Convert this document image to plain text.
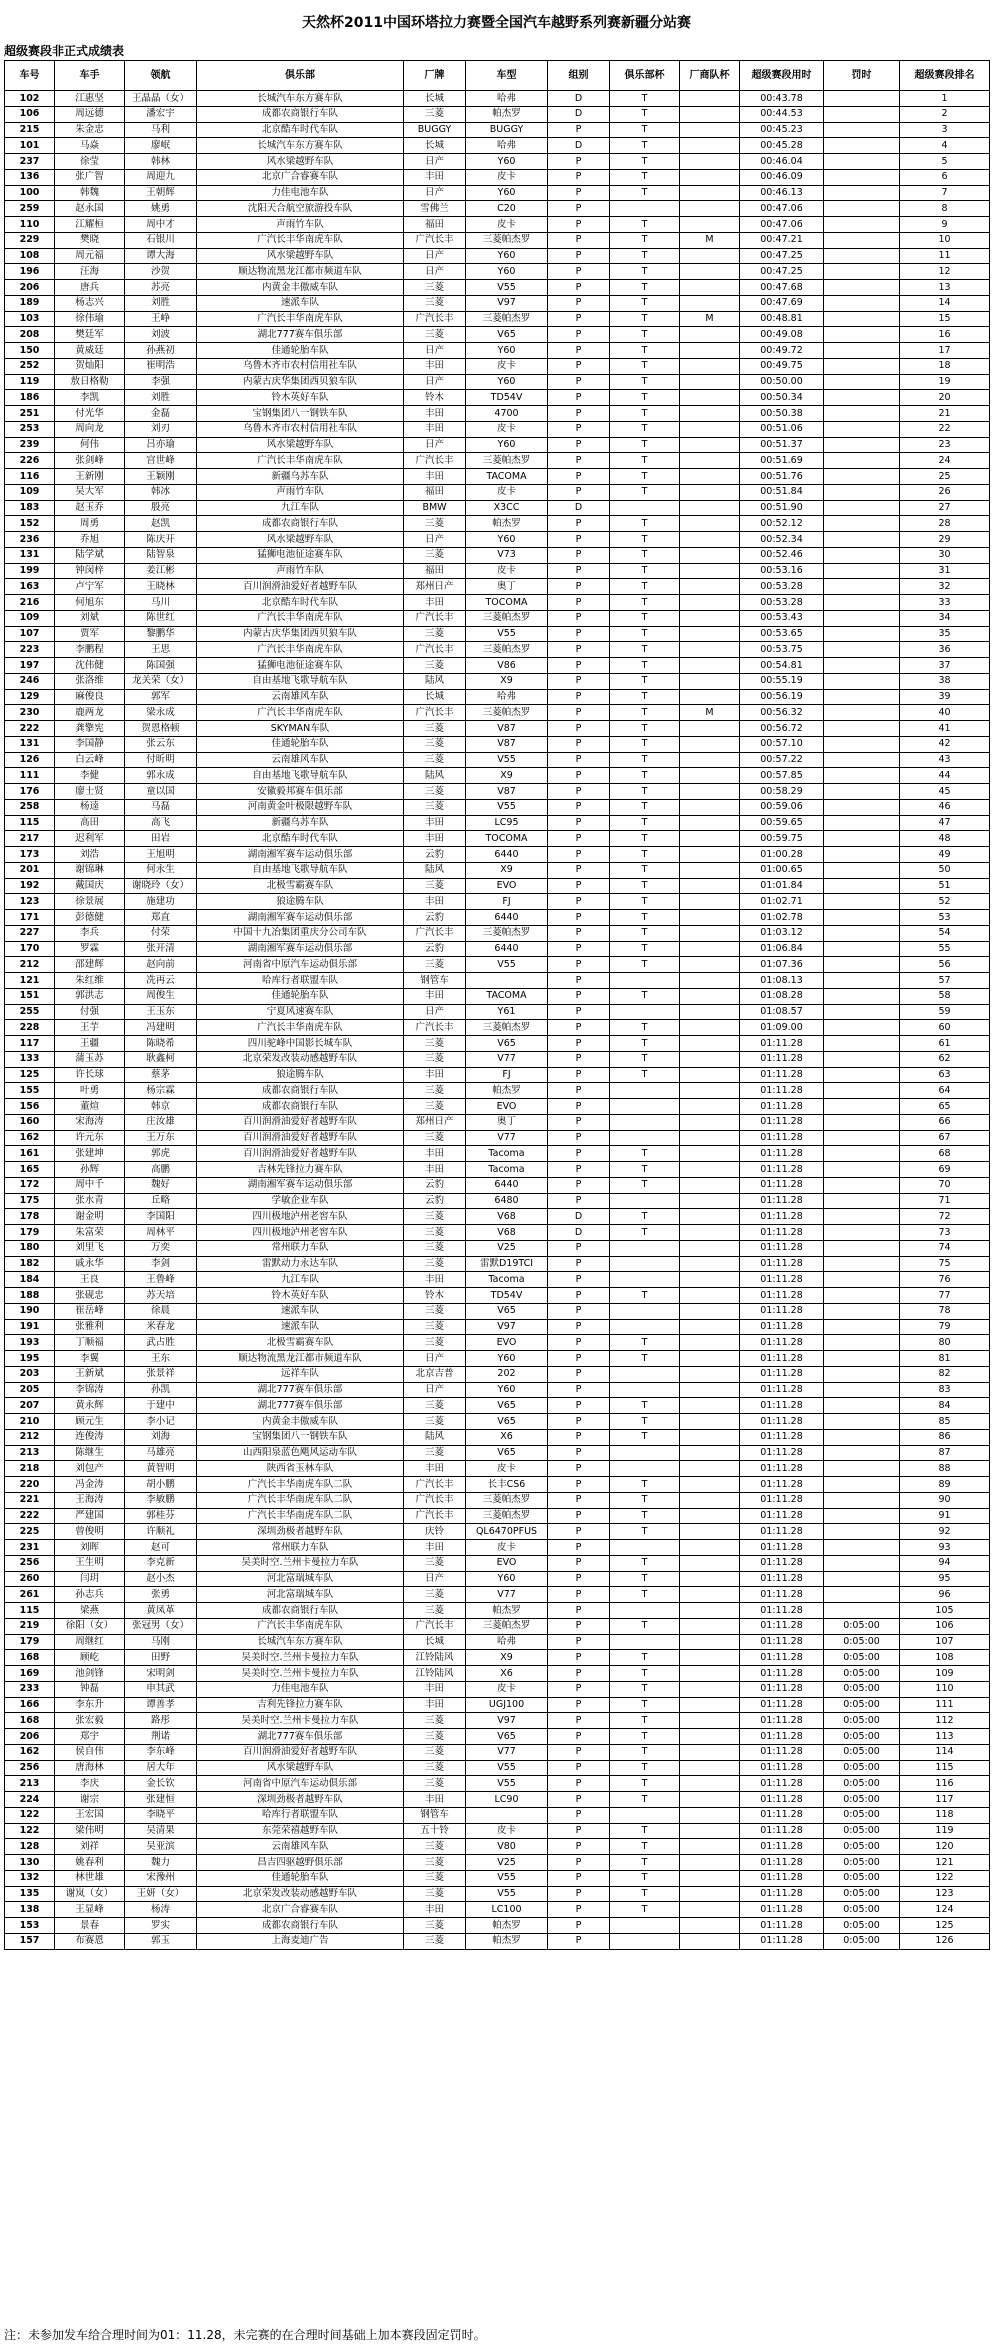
天然杯2011中国环塔拉力赛暨全国汽车越野系列赛新疆分站赛
超级赛段非正式成绩表
车号	车手	领航	俱乐部	厂牌	车型	组别	俱乐部杯	厂商队杯	超级赛段用时	罚时	超级赛段排名
102	江惠坚	王晶晶（女）	长城汽车东方赛车队	长城	哈弗	D	T		00:43.78		1
106	周远德	潘宏宇	成都农商银行车队	三菱	帕杰罗	D	T		00:44.53		2
215	朱金忠	马利	北京酷车时代车队	BUGGY	BUGGY	P	T		00:45.23		3
101	马焱	廖岷	长城汽车东方赛车队	长城	哈弗	D	T		00:45.28		4
237	徐莹	韩林	风水梁越野车队	日产	Y60	P	T		00:46.04		5
136	张广智	周迎九	北京广合睿赛车队	丰田	皮卡	P	T		00:46.09		6
100	韩魏	王朝辉	力佳电池车队	日产	Y60	P	T		00:46.13		7
259	赵永国	姚勇	沈阳天合航空旅游投车队	雪佛兰	C20	P			00:47.06		8
110	江耀桓	周中才	声雨竹车队	福田	皮卡	P	T		00:47.06		9
229	樊晓	石银川	广汽长丰华南虎车队	广汽长丰	三菱帕杰罗	P	T	M	00:47.21		10
108	周元福	谭大海	风水梁越野车队	日产	Y60	P	T		00:47.25		11
196	汪海	沙贺	顺达物流黑龙江都市频道车队	日产	Y60	P	T		00:47.25		12
206	唐兵	苏亮	内黄金丰傲威车队	三菱	V55	P	T		00:47.68		13
189	杨志兴	刘胜	速派车队	三菱	V97	P	T		00:47.69		14
103	徐伟瑜	王峥	广汽长丰华南虎车队	广汽长丰	三菱帕杰罗	P	T	M	00:48.81		15
208	樊廷军	刘波	湖北777赛车俱乐部	三菱	V65	P	T		00:49.08		16
150	黄威廷	孙燕初	佳通轮胎车队	日产	Y60	P	T		00:49.72		17
252	贺灿阳	崔明浩	乌鲁木齐市农村信用社车队	丰田	皮卡	P	T		00:49.75		18
119	敖日格勒	李强	内蒙古庆华集团西贝狼车队	日产	Y60	P	T		00:50.00		19
186	李凯	刘胜	铃木英好车队	铃木	TD54V	P	T		00:50.34		20
251	付光华	金磊	宝钢集团八一钢铁车队	丰田	4700	P	T		00:50.38		21
253	周向龙	刘刃	乌鲁木齐市农村信用社车队	丰田	皮卡	P	T		00:51.06		22
239	何伟	吕亦瑜	风水梁越野车队	日产	Y60	P	T		00:51.37		23
226	张剑峰	宫世峰	广汽长丰华南虎车队	广汽长丰	三菱帕杰罗	P	T		00:51.69		24
116	王新刚	王颖刚	新疆乌苏车队	丰田	TACOMA	P	T		00:51.76		25
109	吴大军	韩冰	声雨竹车队	福田	皮卡	P	T		00:51.84		26
183	赵玉乔	殷亮	九江车队	BMW	X3CC	D			00:51.90		27
152	周勇	赵凯	成都农商银行车队	三菱	帕杰罗	P	T		00:52.12		28
236	乔旭	陈庆开	风水梁越野车队	日产	Y60	P	T		00:52.34		29
131	陆学斌	陆智泉	猛狮电池征途赛车队	三菱	V73	P	T		00:52.46		30
199	钟闵梓	姜江彬	声雨竹车队	福田	皮卡	P	T		00:53.16		31
163	卢宁军	王晓林	百川润滑油爱好者越野车队	郑州日产	奥丁	P	T		00:53.28		32
216	何旭东	马川	北京酷车时代车队	丰田	TOCOMA	P	T		00:53.28		33
109	刘斌	陈世红	广汽长丰华南虎车队	广汽长丰	三菱帕杰罗	P	T		00:53.43		34
107	贾军	黎鹏华	内蒙古庆华集团西贝狼车队	三菱	V55	P	T		00:53.65		35
223	李鹏程	王思	广汽长丰华南虎车队	广汽长丰	三菱帕杰罗	P	T		00:53.75		36
197	沈伟健	陈国强	猛狮电池征途赛车队	三菱	V86	P	T		00:54.81		37
246	张洛维	龙关荣（女）	自由基地飞歌导航车队	陆风	X9	P	T		00:55.19		38
129	麻俊良	郭军	云南雄风车队	长城	哈弗	P	T		00:56.19		39
230	鹿两龙	梁永成	广汽长丰华南虎车队	广汽长丰	三菱帕杰罗	P	T	M	00:56.32		40
222	龚擎宪	贺恩格顿	SKYMAN车队	三菱	V87	P	T		00:56.72		41
131	李国静	张云东	佳通轮胎车队	三菱	V87	P	T		00:57.10		42
126	白云峰	付昕明	云南雄风车队	三菱	V55	P	T		00:57.22		43
111	李健	郭永成	自由基地飞歌导航车队	陆风	X9	P	T		00:57.85		44
176	廖士贤	童以国	安徽毅邦赛车俱乐部	三菱	V87	P	T		00:58.29		45
258	杨逵	马磊	河南黄金叶极限越野车队	三菱	V55	P	T		00:59.06		46
115	高田	高飞	新疆乌苏车队	丰田	LC95	P	T		00:59.65		47
217	迟利军	田岩	北京酷车时代车队	丰田	TOCOMA	P	T		00:59.75		48
173	刘浩	王旭明	湖南湘军赛车运动俱乐部	云豹	6440	P	T		01:00.28		49
201	谢锦琳	何永生	自由基地飞歌导航车队	陆风	X9	P	T		01:00.65		50
192	戴国庆	谢晓玲（女）	北极雪霸赛车队	三菱	EVO	P	T		01:01.84		51
123	徐景展	施建功	狼途腾车队	丰田	FJ	P	T		01:02.71		52
171	彭德健	郑直	湖南湘军赛车运动俱乐部	云豹	6440	P	T		01:02.78		53
227	李兵	付荣	中国十九冶集团重庆分公司车队	广汽长丰	三菱帕杰罗	P	T		01:03.12		54
170	罗霖	张开清	湖南湘军赛车运动俱乐部	云豹	6440	P	T		01:06.84		55
212	邵建辉	赵向前	河南省中原汽车运动俱乐部	三菱	V55	P	T		01:07.36		56
121	朱红维	冼再云	哈库行者联盟车队	钢管车		P			01:08.13		57
151	郭洪志	周俊生	佳通轮胎车队	丰田	TACOMA	P	T		01:08.28		58
255	付强	王玉东	宁夏风速赛车队	日产	Y61	P			01:08.57		59
228	王芋	冯建明	广汽长丰华南虎车队	广汽长丰	三菱帕杰罗	P	T		01:09.00		60
117	王疆	陈晓希	四川驼峰中国影长城车队	三菱	V65	P	T		01:11.28		61
133	蒲玉苏	耿鑫柯	北京荣发改装动感越野车队	三菱	V77	P	T		01:11.28		62
125	许长球	蔡茅	狼途腾车队	丰田	FJ	P	T		01:11.28		63
155	叶勇	杨宗霖	成都农商银行车队	三菱	帕杰罗	P			01:11.28		64
156	董煊	韩京	成都农商银行车队	三菱	EVO	P			01:11.28		65
160	宋海涛	庄汝雄	百川润滑油爱好者越野车队	郑州日产	奥丁	P			01:11.28		66
162	许元东	王万东	百川润滑油爱好者越野车队	三菱	V77	P			01:11.28		67
161	张建坤	郭虎	百川润滑油爱好者越野车队	丰田	Tacoma	P	T		01:11.28		68
165	孙辉	高鹏	吉林先锋拉力赛车队	丰田	Tacoma	P	T		01:11.28		69
172	周中千	魏好	湖南湘军赛车运动俱乐部	云豹	6440	P	T		01:11.28		70
175	张水青	丘略	学敏企业车队	云豹	6480	P			01:11.28		71
178	谢金明	李国阳	四川极地泸州老窖车队	三菱	V68	D	T		01:11.28		72
179	朱富荣	周林平	四川极地泸州老窖车队	三菱	V68	D	T		01:11.28		73
180	刘里飞	万奕	常州联力车队	三菱	V25	P			01:11.28		74
182	戚永华	李剑	雷默动力永达车队	三菱	雷默D19TCI	P			01:11.28		75
184	王良	王鲁峰	九江车队	丰田	Tacoma	P			01:11.28		76
188	张砚忠	苏天培	铃木英好车队	铃木	TD54V	P	T		01:11.28		77
190	崔岳峰	徐晨	速派车队	三菱	V65	P			01:11.28		78
191	张雅利	米春龙	速派车队	三菱	V97	P			01:11.28		79
193	丁顺福	武占胜	北极雪霸赛车队	三菱	EVO	P	T		01:11.28		80
195	李翼	王东	顺达物流黑龙江都市频道车队	日产	Y60	P	T		01:11.28		81
203	王新斌	张景祥	远祥车队	北京吉普	202	P			01:11.28		82
205	李锦涛	孙凯	湖北777赛车俱乐部	日产	Y60	P			01:11.28		83
207	黄永辉	于建中	湖北777赛车俱乐部	三菱	V65	P	T		01:11.28		84
210	顾元生	李小记	内黄金丰傲威车队	三菱	V65	P	T		01:11.28		85
212	连俊涛	刘海	宝钢集团八一钢铁车队	陆风	X6	P	T		01:11.28		86
213	陈继生	马雄亮	山西阳泉蓝色飓风运动车队	三菱	V65	P			01:11.28		87
218	刘包产	黄智明	陕西省玉林车队	丰田	皮卡	P			01:11.28		88
220	冯金涛	胡小鹏	广汽长丰华南虎车队二队	广汽长丰	长丰CS6	P	T		01:11.28		89
221	王海涛	李敏鹏	广汽长丰华南虎车队二队	广汽长丰	三菱帕杰罗	P	T		01:11.28		90
222	严建国	郭桂芬	广汽长丰华南虎车队二队	广汽长丰	三菱帕杰罗	P	T		01:11.28		91
225	曾俊明	许顺礼	深圳劲极者越野车队	庆铃	QL6470PFUS	P	T		01:11.28		92
231	刘晖	赵可	常州联力车队	丰田	皮卡	P			01:11.28		93
256	王生明	李克新	吴美时空.兰州卡曼拉力车队	三菱	EVO	P	T		01:11.28		94
260	闫玥	赵小杰	河北富瑞城车队	日产	Y60	P	T		01:11.28		95
261	孙志兵	张勇	河北富瑞城车队	三菱	V77	P	T		01:11.28		96
115	梁燕	黄凤革	成都农商银行车队	三菱	帕杰罗	P			01:11.28		105
219	徐阳（女）	张冠男（女）	广汽长丰华南虎车队	广汽长丰	三菱帕杰罗	P	T		01:11.28	0:05:00	106
179	周继红	马刚	长城汽车东方赛车队	长城	哈弗	P			01:11.28	0:05:00	107
168	顾屹	田野	吴美时空.兰州卡曼拉力车队	江铃陆风	X9	P	T		01:11.28	0:05:00	108
169	池剑锋	宋明剑	吴美时空.兰州卡曼拉力车队	江铃陆风	X6	P	T		01:11.28	0:05:00	109
233	钟磊	申其武	力佳电池车队	丰田	皮卡	P	T		01:11.28	0:05:00	110
166	李东升	谭善孝	吉利先锋拉力赛车队	丰田	UGJ100	P	T		01:11.28	0:05:00	111
168	张宏毅	路彤	吴美时空.兰州卡曼拉力车队	三菱	V97	P	T		01:11.28	0:05:00	112
206	郑宇	荆诺	湖北777赛车俱乐部	三菱	V65	P	T		01:11.28	0:05:00	113
162	侯自伟	李东峰	百川润滑油爱好者越野车队	三菱	V77	P	T		01:11.28	0:05:00	114
256	唐海林	居大年	风水梁越野车队	三菱	V55	P	T		01:11.28	0:05:00	115
213	李庆	金长钦	河南省中原汽车运动俱乐部	三菱	V55	P	T		01:11.28	0:05:00	116
224	谢宗	张建恒	深圳劲极者越野车队	丰田	LC90	P	T		01:11.28	0:05:00	117
122	王宏国	李晓平	哈库行者联盟车队	钢管车		P			01:11.28	0:05:00	118
122	梁伟明	吴清果	东莞荣禧越野车队	五十铃	皮卡	P	T		01:11.28	0:05:00	119
128	刘祥	吴亚滨	云南雄风车队	三菱	V80	P	T		01:11.28	0:05:00	120
130	姚春利	魏力	昌吉四驱越野俱乐部	三菱	V25	P	T		01:11.28	0:05:00	121
132	林世雄	宋豫州	佳通轮胎车队	三菱	V55	P	T		01:11.28	0:05:00	122
135	谢岚（女）	王妍（女）	北京荣发改装动感越野车队	三菱	V55	P	T		01:11.28	0:05:00	123
138	王显峰	杨涛	北京广合睿赛车队	丰田	LC100	P	T		01:11.28	0:05:00	124
153	景春	罗实	成都农商银行车队	三菱	帕杰罗	P			01:11.28	0:05:00	125
157	布赛恩	郭玉	上海麦迪广告	三菱	帕杰罗	P			01:11.28	0:05:00	126
注：未参加发车给合理时间为01：11.28，未完赛的在合理时间基础上加本赛段固定罚时。
